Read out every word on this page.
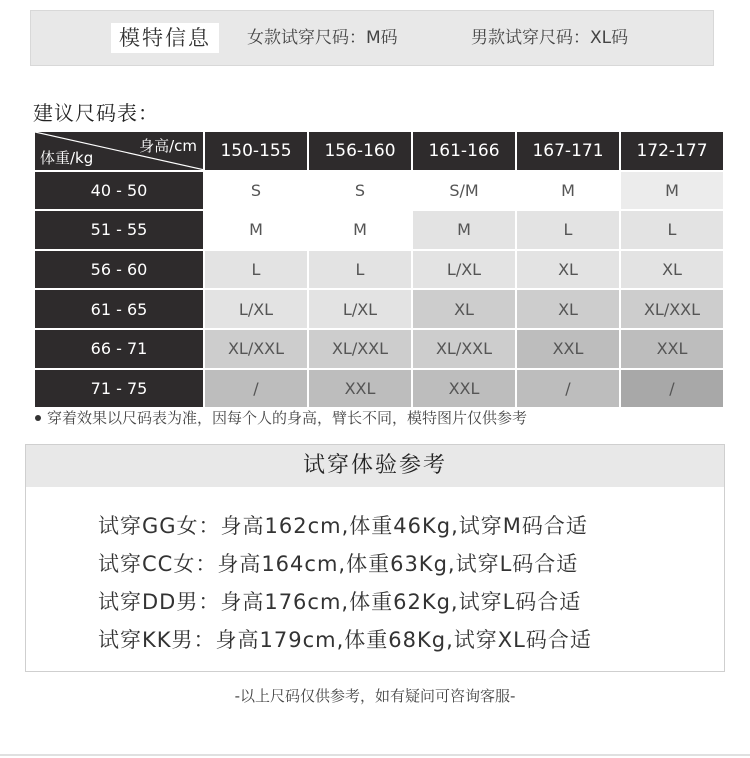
模特信息	女款试穿尺码：M码	男款试穿尺码：XL码
建议尺码表：
身高/cm
体重/kg	150-155	156-160	161-166	167-171	172-177
40 - 50	S	S	S/M	M	M
51 - 55	M	M	M	L	L
56 - 60	L	L	L/XL	XL	XL
61 - 65	L/XL	L/XL	XL	XL	XL/XXL
66 - 71	XL/XXL	XL/XXL	XL/XXL	XXL	XXL
71 - 75	/	XXL	XXL	/	/
穿着效果以尺码表为准，因每个人的身高，臂长不同，模特图片仅供参考
试穿体验参考
试穿GG女：身高162cm,体重46Kg,试穿M码合适
试穿CC女：身高164cm,体重63Kg,试穿L码合适
试穿DD男：身高176cm,体重62Kg,试穿L码合适
试穿KK男：身高179cm,体重68Kg,试穿XL码合适
-以上尺码仅供参考，如有疑问可咨询客服-
